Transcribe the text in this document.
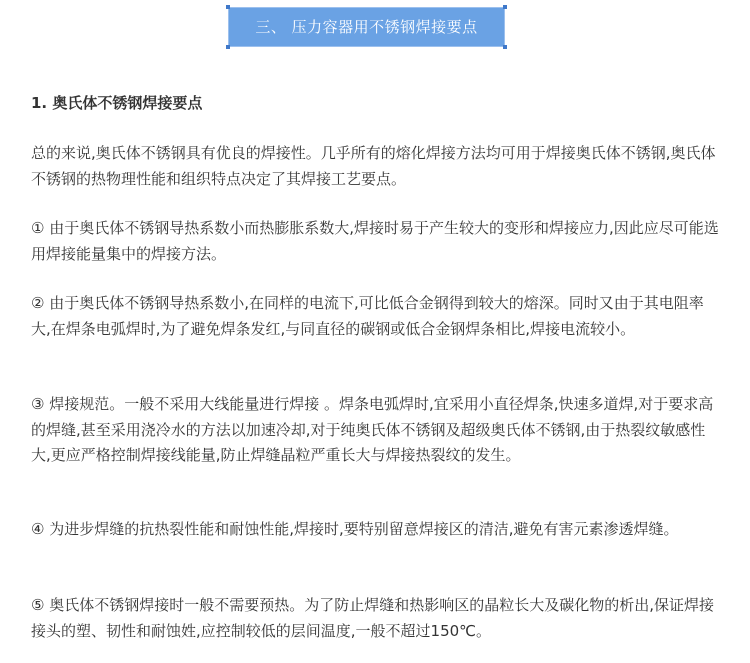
三、 压力容器用不锈钢焊接要点
1. 奥氏体不锈钢焊接要点

总的来说,奥氏体不锈钢具有优良的焊接性。几乎所有的熔化焊接方法均可用于焊接奥氏体不锈钢,奥氏体不锈钢的热物理性能和组织特点决定了其焊接工艺要点。

① 由于奥氏体不锈钢导热系数小而热膨胀系数大,焊接时易于产生较大的变形和焊接应力,因此应尽可能选用焊接能量集中的焊接方法。

② 由于奥氏体不锈钢导热系数小,在同样的电流下,可比低合金钢得到较大的熔深。同时又由于其电阻率大,在焊条电弧焊时,为了避免焊条发红,与同直径的碳钢或低合金钢焊条相比,焊接电流较小。

③ 焊接规范。一般不采用大线能量进行焊接 。焊条电弧焊时,宜采用小直径焊条,快速多道焊,对于要求高的焊缝,甚至采用浇冷水的方法以加速冷却,对于纯奥氏体不锈钢及超级奥氏体不锈钢,由于热裂纹敏感性大,更应严格控制焊接线能量,防止焊缝晶粒严重长大与焊接热裂纹的发生。

④ 为进步焊缝的抗热裂性能和耐蚀性能,焊接时,要特别留意焊接区的清洁,避免有害元素渗透焊缝。

⑤ 奥氏体不锈钢焊接时一般不需要预热。为了防止焊缝和热影响区的晶粒长大及碳化物的析出,保证焊接接头的塑、韧性和耐蚀姓,应控制较低的层间温度,一般不超过150℃。
